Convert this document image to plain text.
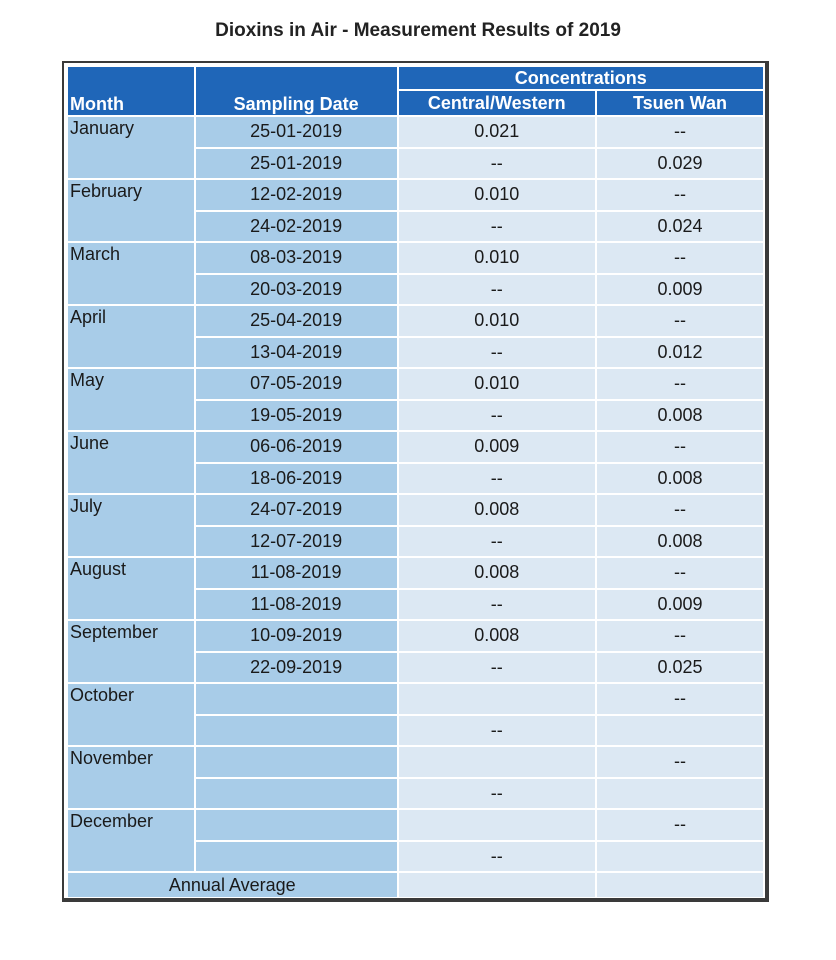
Dioxins in Air - Measurement Results of 2019
Month	Sampling Date	Concentrations	
		Central/Western	Tsuen Wan
January	25-01-2019	0.021	--
	25-01-2019	--	0.029
February	12-02-2019	0.010	--
	24-02-2019	--	0.024
March	08-03-2019	0.010	--
	20-03-2019	--	0.009
April	25-04-2019	0.010	--
	13-04-2019	--	0.012
May	07-05-2019	0.010	--
	19-05-2019	--	0.008
June	06-06-2019	0.009	--
	18-06-2019	--	0.008
July	24-07-2019	0.008	--
	12-07-2019	--	0.008
August	11-08-2019	0.008	--
	11-08-2019	--	0.009
September	10-09-2019	0.008	--
	22-09-2019	--	0.025
October			--
		--	
November			--
		--	
December			--
		--	
Annual Average			
